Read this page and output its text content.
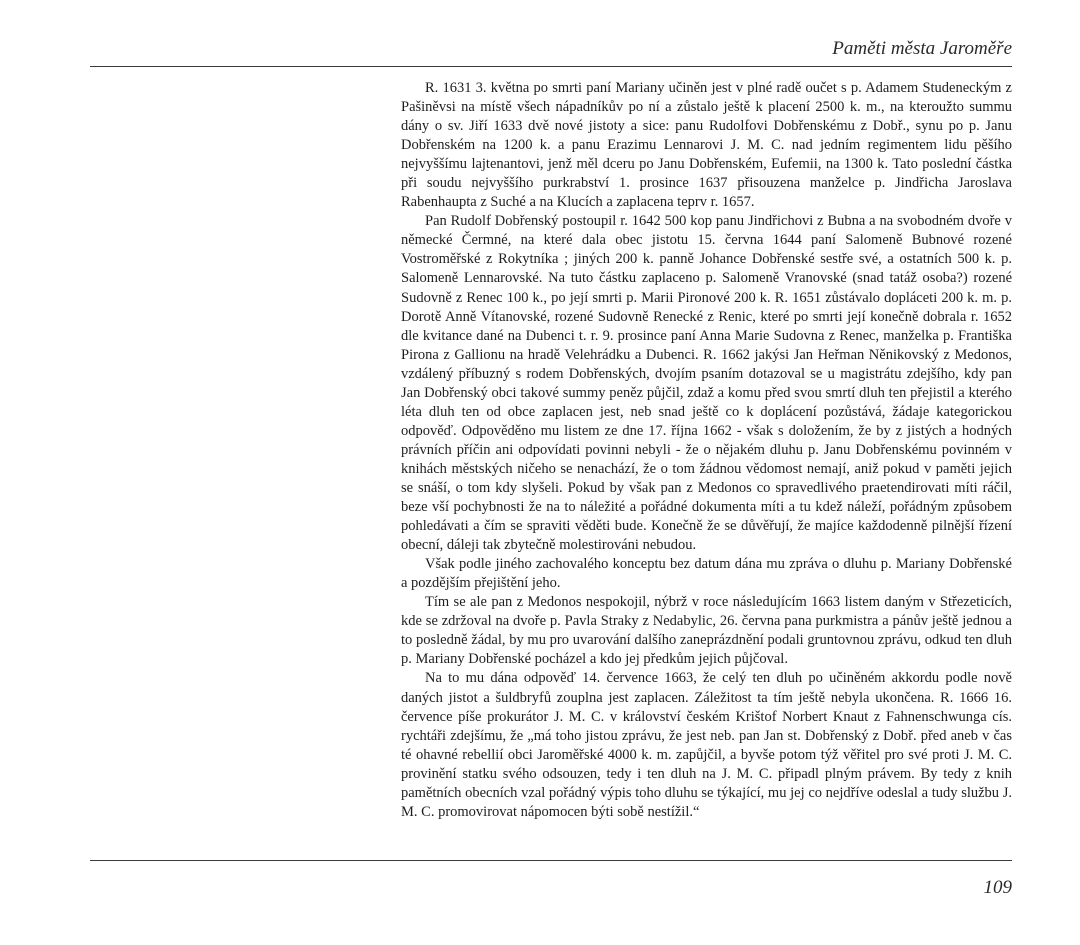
Paměti města Jaroměře

R. 1631 3. května po smrti paní Mariany učiněn jest v plné radě oučet s p. Adamem Studeneckým z Pašiněvsi na místě všech nápadníkův po ní a zůstalo ještě k placení 2500 k. m., na kteroužto summu dány o sv. Jiří 1633 dvě nové jistoty a sice: panu Rudolfovi Dobřenskému z Dobř., synu po p. Janu Dobřenském na 1200 k. a panu Erazimu Lennarovi J. M. C. nad jedním regimentem lidu pěšího nejvyššímu lajtenantovi, jenž měl dceru po Janu Dobřenském, Eufemii, na 1300 k. Tato poslední částka při soudu nejvyššího purkrabství 1. prosince 1637 přisouzena manželce p. Jindřicha Jaroslava Rabenhaupta z Suché a na Klucích a zaplacena teprv r. 1657.

Pan Rudolf Dobřenský postoupil r. 1642 500 kop panu Jindřichovi z Bubna a na svobodném dvoře v německé Čermné, na které dala obec jistotu 15. června 1644 paní Salomeně Bubnové rozené Vostroměřské z Rokytníka ; jiných 200 k. panně Johance Dobřenské sestře své, a ostatních 500 k. p. Salomeně Lennarovské. Na tuto částku zaplaceno p. Salomeně Vranovské (snad tatáž osoba?) rozené Sudovně z Renec 100 k., po její smrti p. Marii Pironové 200 k. R. 1651 zůstávalo dopláceti 200 k. m. p. Dorotě Anně Vítanovské, rozené Sudovně Renecké z Renic, které po smrti její konečně dobrala r. 1652 dle kvitance dané na Dubenci t. r. 9. prosince paní Anna Marie Sudovna z Renec, manželka p. Františka Pirona z Gallionu na hradě Velehrádku a Dubenci. R. 1662 jakýsi Jan Heřman Něnikovský z Medonos, vzdálený příbuzný s rodem Dobřenských, dvojím psaním dotazoval se u magistrátu zdejšího, kdy pan Jan Dobřenský obci takové summy peněz půjčil, zdaž a komu před svou smrtí dluh ten přejistil a kterého léta dluh ten od obce zaplacen jest, neb snad ještě co k doplácení pozůstává, žádaje kategorickou odpověď. Odpověděno mu listem ze dne 17. října 1662 - však s doložením, že by z jistých a hodných právních příčin ani odpovídati povinni nebyli - že o nějakém dluhu p. Janu Dobřenskému povinném v knihách městských ničeho se nenachází, že o tom žádnou vědomost nemají, aniž pokud v paměti jejich se snáší, o tom kdy slyšeli. Pokud by však pan z Medonos co spravedlivého praetendirovati míti ráčil, beze vší pochybnosti že na to náležité a pořádné dokumenta míti a tu kdež náleží, pořádným způsobem pohledávati a čím se spraviti věděti bude. Konečně že se důvěřují, že majíce každodenně pilnější řízení obecní, dáleji tak zbytečně molestirováni nebudou.

Však podle jiného zachovalého konceptu bez datum dána mu zpráva o dluhu p. Mariany Dobřenské a pozdějším přejištění jeho.

Tím se ale pan z Medonos nespokojil, nýbrž v roce následujícím 1663 listem daným v Střezeticích, kde se zdržoval na dvoře p. Pavla Straky z Nedabylic, 26. června pana purkmistra a pánův ještě jednou a to posledně žádal, by mu pro uvarování dalšího zaneprázdnění podali gruntovnou zprávu, odkud ten dluh p. Mariany Dobřenské pocházel a kdo jej předkům jejich půjčoval.

Na to mu dána odpověď 14. července 1663, že celý ten dluh po učiněném akkordu podle nově daných jistot a šuldbryfů zouplna jest zaplacen. Záležitost ta tím ještě nebyla ukončena. R. 1666 16. července píše prokurátor J. M. C. v království českém Krištof Norbert Knaut z Fahnenschwunga cís. rychtáři zdejšímu, že „má toho jistou zprávu, že jest neb. pan Jan st. Dobřenský z Dobř. před aneb v čas té ohavné rebellií obci Jaroměřské 4000 k. m. zapůjčil, a byvše potom týž věřitel pro své proti J. M. C. provinění statku svého odsouzen, tedy i ten dluh na J. M. C. připadl plným právem. By tedy z knih pamětních obecních vzal pořádný výpis toho dluhu se týkající, mu jej co nejdříve odeslal a tudy službu J. M. C. promovirovat nápomocen býti sobě nestížil.“

109
